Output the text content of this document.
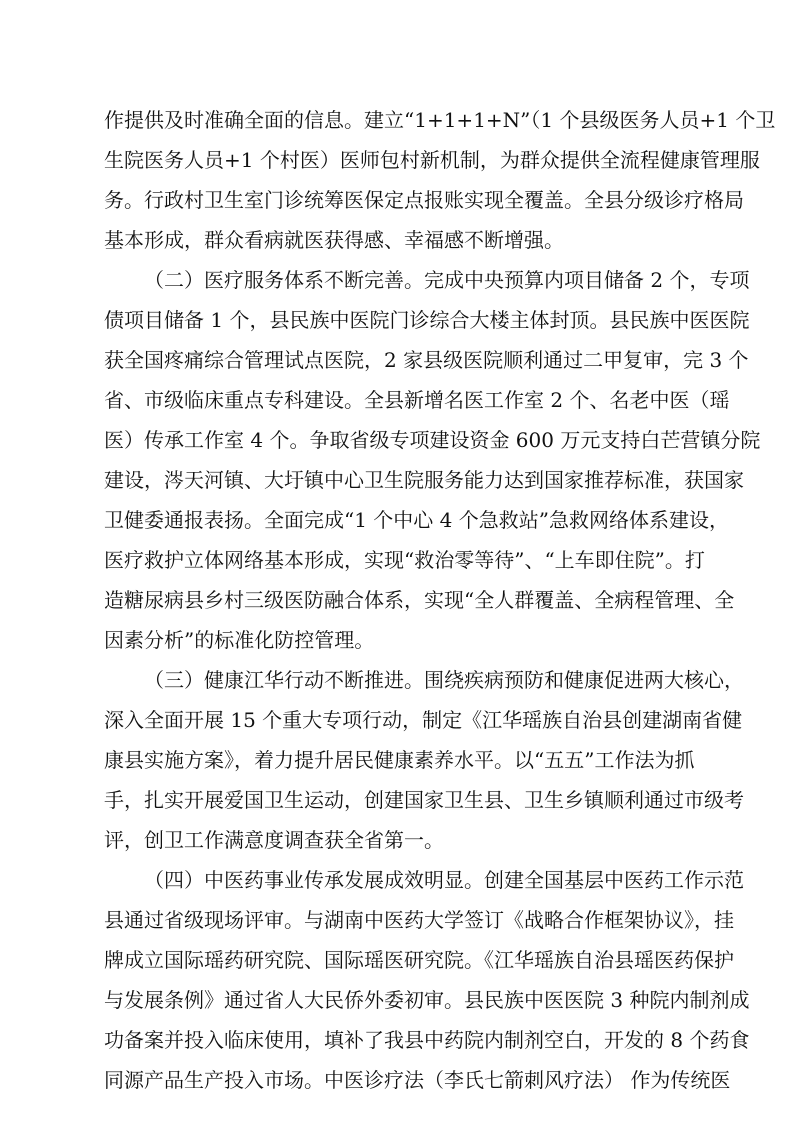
作提供及时准确全面的信息。建立“1+1+1+N”（1 个县级医务人员+1 个卫
生院医务人员+1 个村医）医师包村新机制，为群众提供全流程健康管理服
务。行政村卫生室门诊统筹医保定点报账实现全覆盖。全县分级诊疗格局
基本形成，群众看病就医获得感、幸福感不断增强。
（二）医疗服务体系不断完善。完成中央预算内项目储备 2 个，专项
债项目储备 1 个，县民族中医院门诊综合大楼主体封顶。县民族中医医院
获全国疼痛综合管理试点医院，2 家县级医院顺利通过二甲复审，完 3 个
省、市级临床重点专科建设。全县新增名医工作室 2 个、名老中医（瑶
医）传承工作室 4 个。争取省级专项建设资金 600 万元支持白芒营镇分院
建设，涔天河镇、大圩镇中心卫生院服务能力达到国家推荐标准，获国家
卫健委通报表扬。全面完成“1 个中心 4 个急救站”急救网络体系建设，
医疗救护立体网络基本形成，实现“救治零等待”、“上车即住院”。打
造糖尿病县乡村三级医防融合体系，实现“全人群覆盖、全病程管理、全
因素分析”的标准化防控管理。
（三）健康江华行动不断推进。围绕疾病预防和健康促进两大核心，
深入全面开展 15 个重大专项行动，制定《江华瑶族自治县创建湖南省健
康县实施方案》，着力提升居民健康素养水平。以“五五”工作法为抓
手，扎实开展爱国卫生运动，创建国家卫生县、卫生乡镇顺利通过市级考
评，创卫工作满意度调查获全省第一。
（四）中医药事业传承发展成效明显。创建全国基层中医药工作示范
县通过省级现场评审。与湖南中医药大学签订《战略合作框架协议》，挂
牌成立国际瑶药研究院、国际瑶医研究院。《江华瑶族自治县瑶医药保护
与发展条例》通过省人大民侨外委初审。县民族中医医院 3 种院内制剂成
功备案并投入临床使用，填补了我县中药院内制剂空白，开发的 8 个药食
同源产品生产投入市场。中医诊疗法（李氏七箭刺风疗法） 作为传统医
